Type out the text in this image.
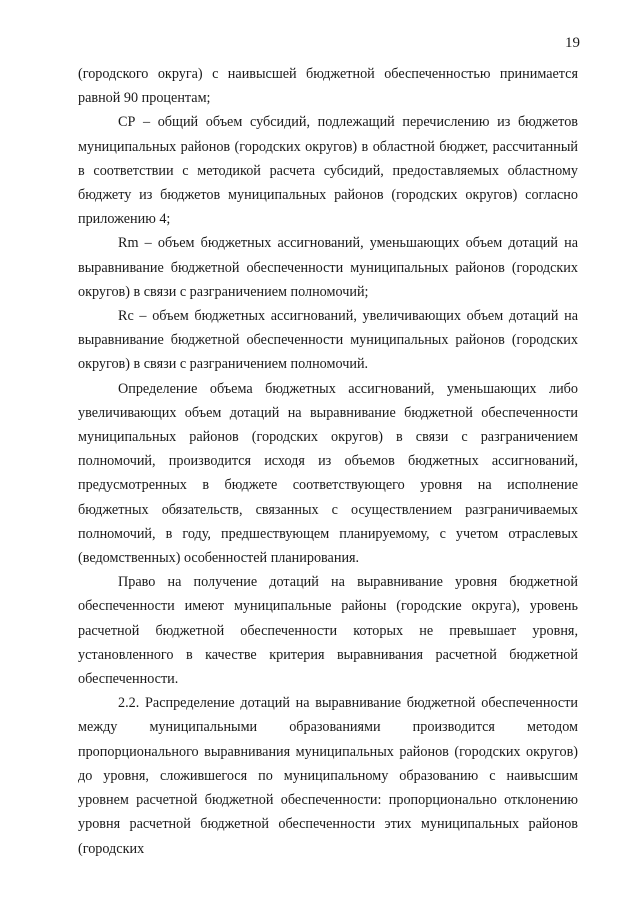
19

(городского округа) с наивысшей бюджетной обеспеченностью принимается равной 90 процентам;

СР – общий объем субсидий, подлежащий перечислению из бюджетов муниципальных районов (городских округов) в областной бюджет, рассчитанный в соответствии с методикой расчета субсидий, предоставляемых областному бюджету из бюджетов муниципальных районов (городских округов) согласно приложению 4;

Rm – объем бюджетных ассигнований, уменьшающих объем дотаций на выравнивание бюджетной обеспеченности муниципальных районов (городских округов) в связи с разграничением полномочий;

Rc – объем бюджетных ассигнований, увеличивающих объем дотаций на выравнивание бюджетной обеспеченности муниципальных районов (городских округов) в связи с разграничением полномочий.

Определение объема бюджетных ассигнований, уменьшающих либо увеличивающих объем дотаций на выравнивание бюджетной обеспеченности муниципальных районов (городских округов) в связи с разграничением полномочий, производится исходя из объемов бюджетных ассигнований, предусмотренных в бюджете соответствующего уровня на исполнение бюджетных обязательств, связанных с осуществлением разграничиваемых полномочий, в году, предшествующем планируемому, с учетом отраслевых (ведомственных) особенностей планирования.

Право на получение дотаций на выравнивание уровня бюджетной обеспеченности имеют муниципальные районы (городские округа), уровень расчетной бюджетной обеспеченности которых не превышает уровня, установленного в качестве критерия выравнивания расчетной бюджетной обеспеченности.

2.2. Распределение дотаций на выравнивание бюджетной обеспеченности между муниципальными образованиями производится методом пропорционального выравнивания муниципальных районов (городских округов) до уровня, сложившегося по муниципальному образованию с наивысшим уровнем расчетной бюджетной обеспеченности: пропорционально отклонению уровня расчетной бюджетной обеспеченности этих муниципальных районов (городских
